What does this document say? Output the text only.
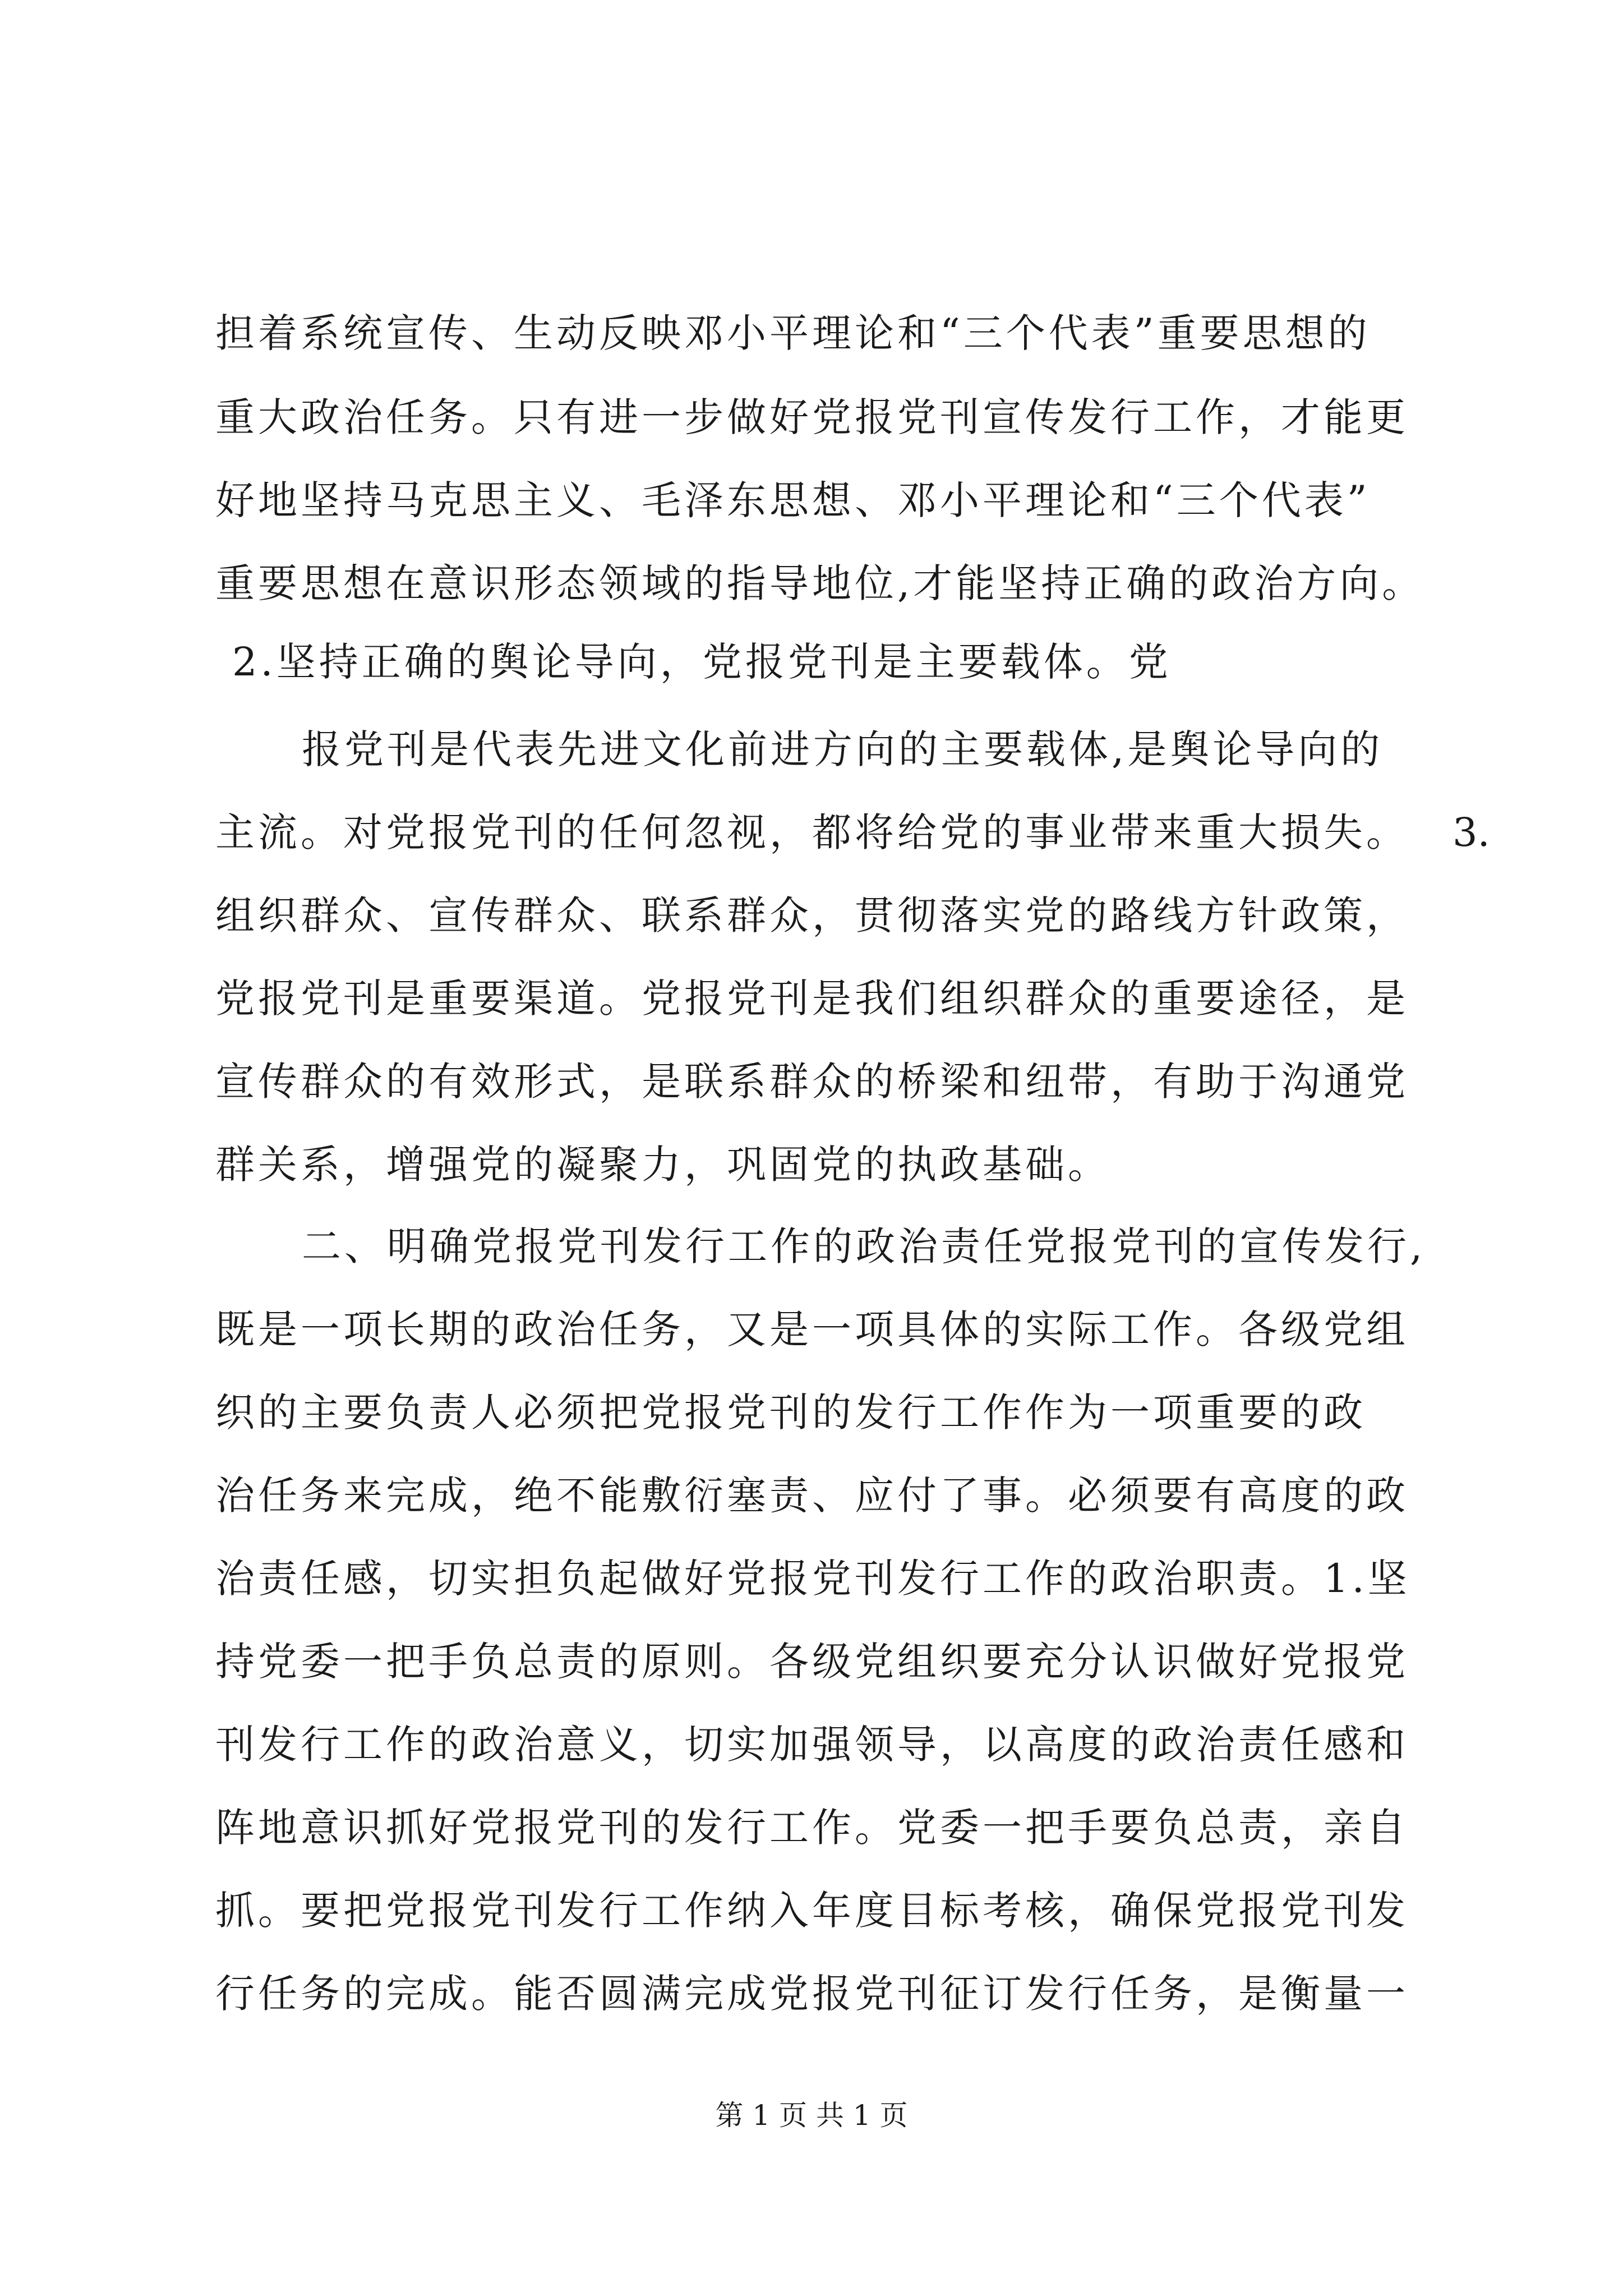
担着系统宣传、生动反映邓小平理论和“三个代表”重要思想的

重大政治任务。只有进一步做好党报党刊宣传发行工作，才能更

好地坚持马克思主义、毛泽东思想、邓小平理论和“三个代表”

重要思想在意识形态领域的指导地位,才能坚持正确的政治方向。

2.坚持正确的舆论导向，党报党刊是主要载体。党

报党刊是代表先进文化前进方向的主要载体,是舆论导向的

主流。对党报党刊的任何忽视，都将给党的事业带来重大损失。 3.

组织群众、宣传群众、联系群众，贯彻落实党的路线方针政策，

党报党刊是重要渠道。党报党刊是我们组织群众的重要途径，是

宣传群众的有效形式，是联系群众的桥梁和纽带，有助于沟通党

群关系，增强党的凝聚力，巩固党的执政基础。

二、明确党报党刊发行工作的政治责任党报党刊的宣传发行,

既是一项长期的政治任务，又是一项具体的实际工作。各级党组

织的主要负责人必须把党报党刊的发行工作作为一项重要的政

治任务来完成，绝不能敷衍塞责、应付了事。必须要有高度的政

治责任感，切实担负起做好党报党刊发行工作的政治职责。1.坚

持党委一把手负总责的原则。各级党组织要充分认识做好党报党

刊发行工作的政治意义，切实加强领导，以高度的政治责任感和

阵地意识抓好党报党刊的发行工作。党委一把手要负总责，亲自

抓。要把党报党刊发行工作纳入年度目标考核，确保党报党刊发

行任务的完成。能否圆满完成党报党刊征订发行任务，是衡量一

第 1 页 共 1 页
